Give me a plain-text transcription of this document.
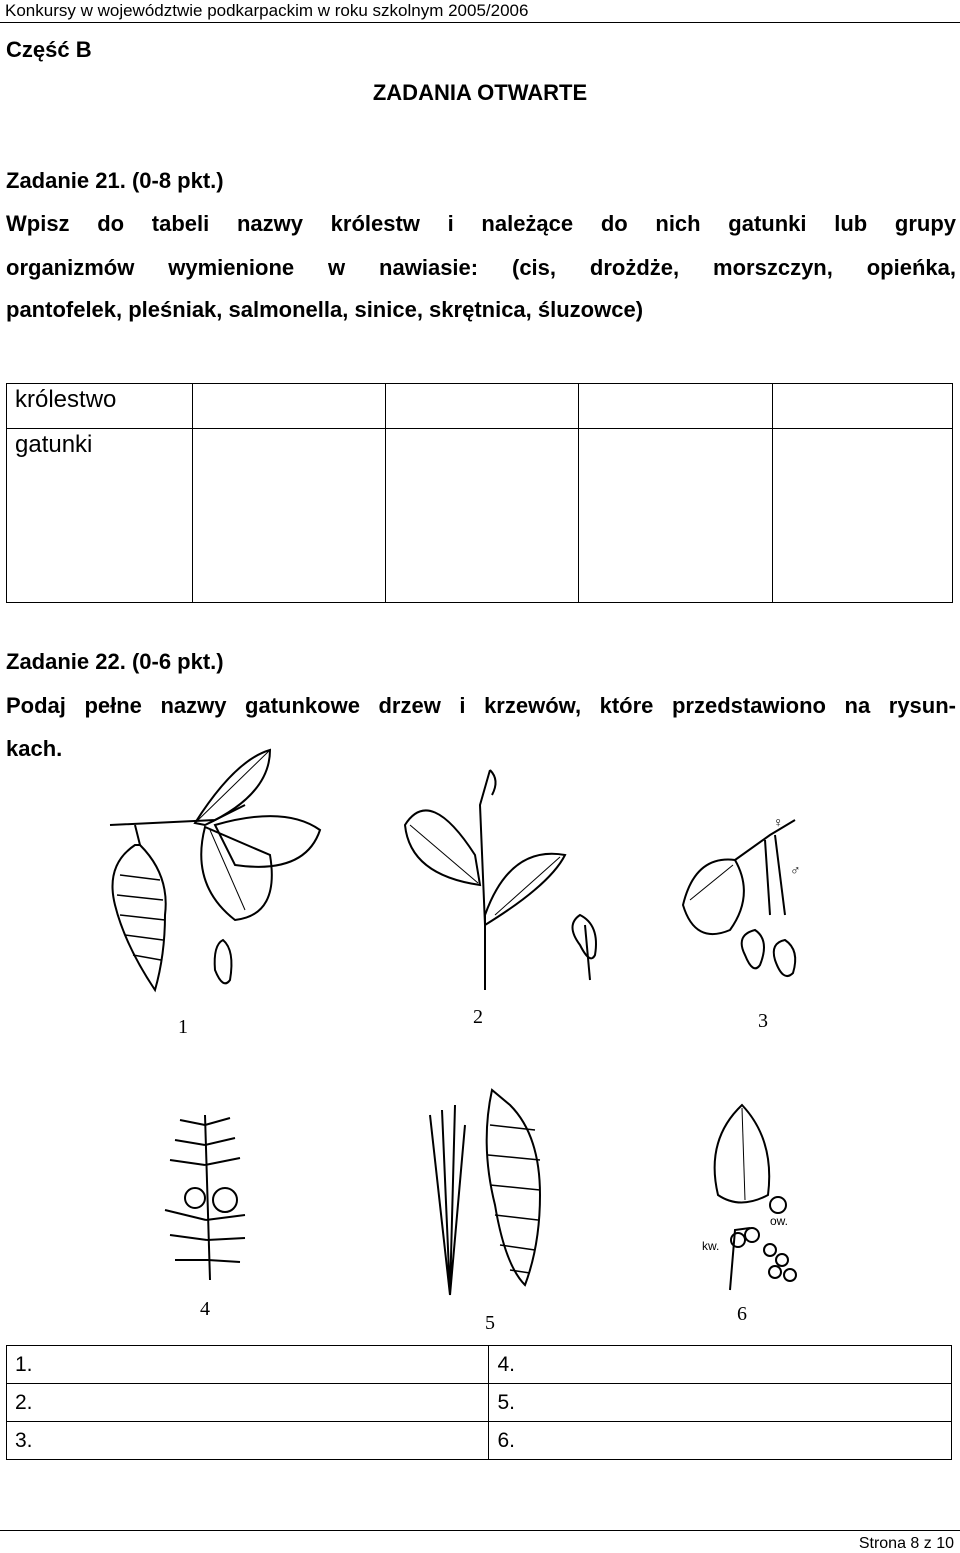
Konkursy w województwie podkarpackim w roku szkolnym 2005/2006
Część B
ZADANIA OTWARTE
Zadanie 21. (0-8 pkt.)
Wpisz do tabeli nazwy królestw i należące do nich gatunki lub grupy
organizmów wymienione w nawiasie: (cis, drożdże, morszczyn, opieńka,
pantofelek, pleśniak, salmonella, sinice, skrętnica, śluzowce)
królestwo				
gatunki				
Zadanie 22. (0-6 pkt.)
Podaj pełne nazwy gatunkowe drzew i krzewów, które przedstawiono na rysun-
kach.
♀
♂
ow.
kw.
1	2	3
4
5	6
1.	4.
2.	5.
3.	6.
Strona 8 z 10
